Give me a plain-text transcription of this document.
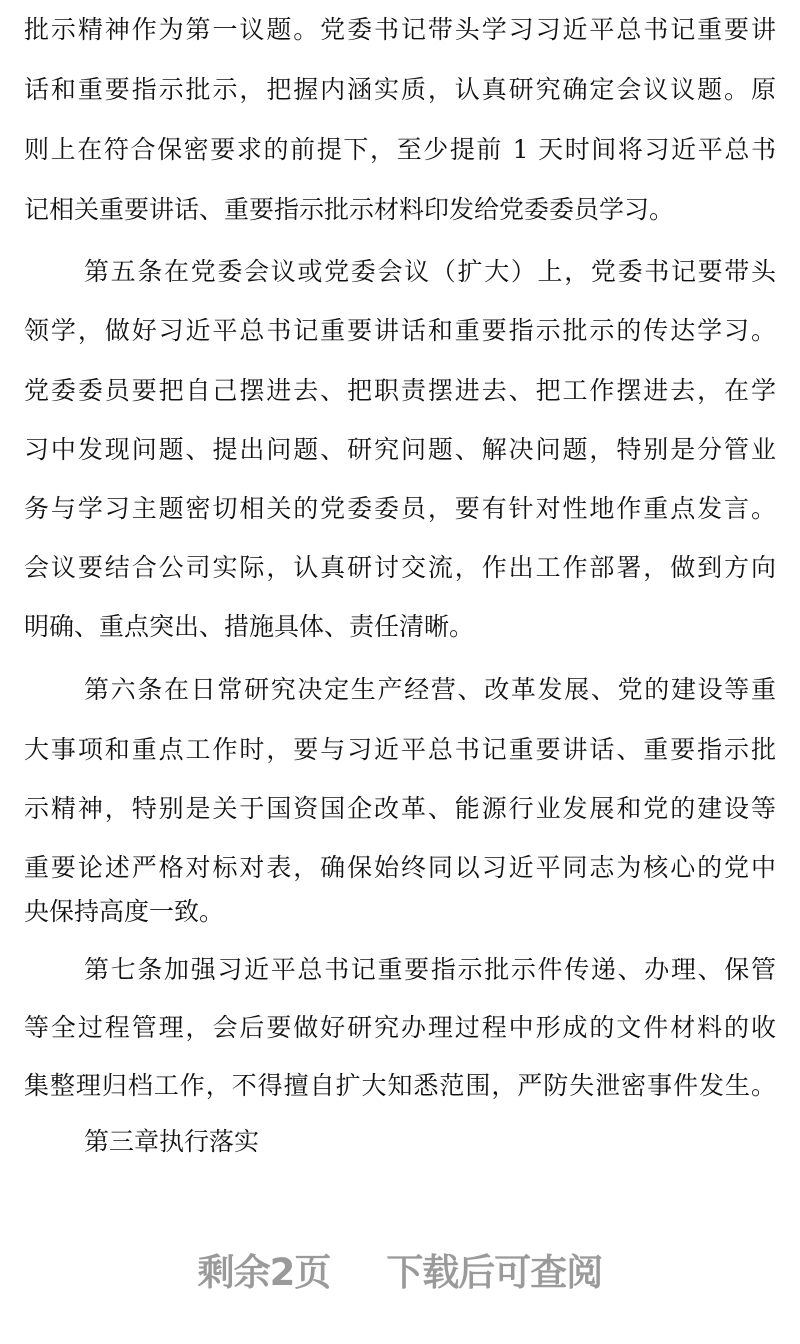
批示精神作为第一议题。党委书记带头学习习近平总书记重要讲
话和重要指示批示，把握内涵实质，认真研究确定会议议题。原
则上在符合保密要求的前提下，至少提前 1 天时间将习近平总书
记相关重要讲话、重要指示批示材料印发给党委委员学习。
第五条在党委会议或党委会议（扩大）上，党委书记要带头
领学，做好习近平总书记重要讲话和重要指示批示的传达学习。
党委委员要把自己摆进去、把职责摆进去、把工作摆进去，在学
习中发现问题、提出问题、研究问题、解决问题，特别是分管业
务与学习主题密切相关的党委委员，要有针对性地作重点发言。
会议要结合公司实际，认真研讨交流，作出工作部署，做到方向
明确、重点突出、措施具体、责任清晰。
第六条在日常研究决定生产经营、改革发展、党的建设等重
大事项和重点工作时，要与习近平总书记重要讲话、重要指示批
示精神，特别是关于国资国企改革、能源行业发展和党的建设等
重要论述严格对标对表，确保始终同以习近平同志为核心的党中
央保持高度一致。
第七条加强习近平总书记重要指示批示件传递、办理、保管
等全过程管理，会后要做好研究办理过程中形成的文件材料的收
集整理归档工作，不得擅自扩大知悉范围，严防失泄密事件发生。
第三章执行落实
剩余2页 下载后可查阅
